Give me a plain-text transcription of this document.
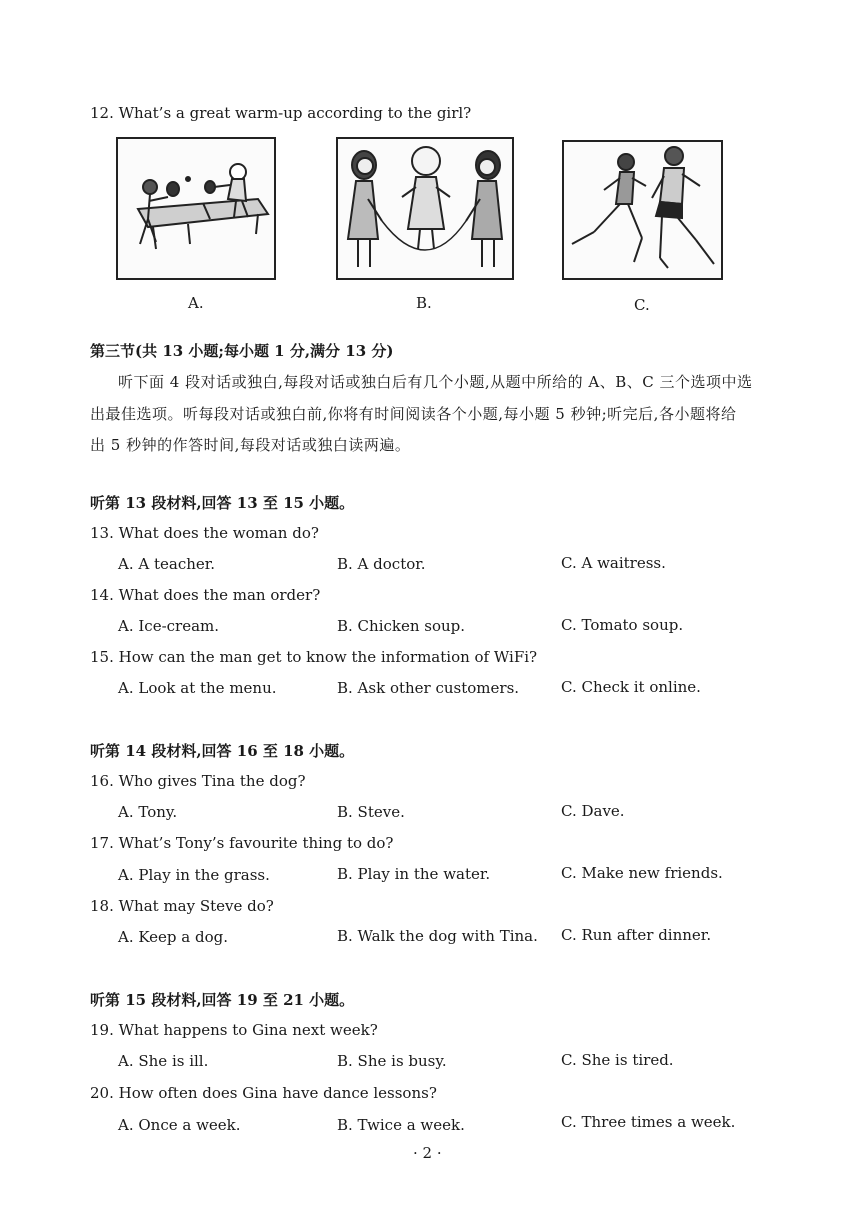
12. What’s a great warm-up according to the girl?
A.	B.	C.
第三节(共 13 小题;每小题 1 分,满分 13 分)
听下面 4 段对话或独白,每段对话或独白后有几个小题,从题中所给的 A、B、C 三个选项中选
出最佳选项。听每段对话或独白前,你将有时间阅读各个小题,每小题 5 秒钟;听完后,各小题将给
出 5 秒钟的作答时间,每段对话或独白读两遍。
听第 13 段材料,回答 13 至 15 小题。
13. What does the woman do?
A. A teacher.	B. A doctor.	C. A waitress.
14. What does the man order?
A. Ice-cream.	B. Chicken soup.	C. Tomato soup.
15. How can the man get to know the information of WiFi?
A. Look at the menu.	B. Ask other customers.	C. Check it online.
听第 14 段材料,回答 16 至 18 小题。
16. Who gives Tina the dog?
A. Tony.	B. Steve.	C. Dave.
17. What’s Tony’s favourite thing to do?
A. Play in the grass.	B. Play in the water.	C. Make new friends.
18. What may Steve do?
A. Keep a dog.	B. Walk the dog with Tina. C. Run after dinner.
听第 15 段材料,回答 19 至 21 小题。
19. What happens to Gina next week?
A. She is ill.	B. She is busy.	C. She is tired.
20. How often does Gina have dance lessons?
A. Once a week.	B. Twice a week.	C. Three times a week.
· 2 ·
